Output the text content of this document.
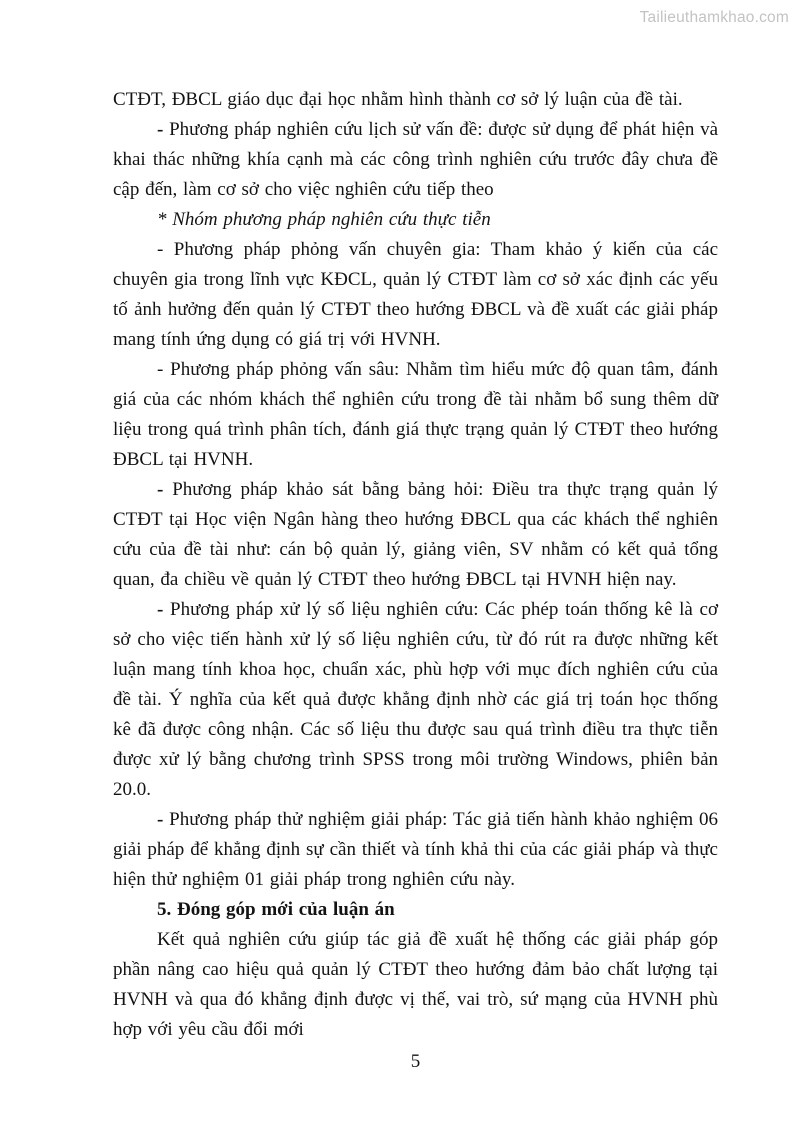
Tailieuthamkhao.com

CTĐT, ĐBCL giáo dục đại học nhằm hình thành cơ sở lý luận của đề tài.

- Phương pháp nghiên cứu lịch sử vấn đề: được sử dụng để phát hiện và khai thác những khía cạnh mà các công trình nghiên cứu trước đây chưa đề cập đến, làm cơ sở cho việc nghiên cứu tiếp theo

* Nhóm phương pháp nghiên cứu thực tiễn

- Phương pháp phỏng vấn chuyên gia: Tham khảo ý kiến của các chuyên gia trong lĩnh vực KĐCL, quản lý CTĐT làm cơ sở xác định các yếu tố ảnh hưởng đến quản lý CTĐT theo hướng ĐBCL và đề xuất các giải pháp mang tính ứng dụng có giá trị với HVNH.

- Phương pháp phỏng vấn sâu: Nhằm tìm hiểu mức độ quan tâm, đánh giá của các nhóm khách thể nghiên cứu trong đề tài nhằm bổ sung thêm dữ liệu trong quá trình phân tích, đánh giá thực trạng quản lý CTĐT theo hướng ĐBCL tại HVNH.

- Phương pháp khảo sát bằng bảng hỏi: Điều tra thực trạng quản lý CTĐT tại Học viện Ngân hàng theo hướng ĐBCL qua các khách thể nghiên cứu của đề tài như: cán bộ quản lý, giảng viên, SV nhằm có kết quả tổng quan, đa chiều về quản lý CTĐT theo hướng ĐBCL tại HVNH hiện nay.

- Phương pháp xử lý số liệu nghiên cứu: Các phép toán thống kê là cơ sở cho việc tiến hành xử lý số liệu nghiên cứu, từ đó rút ra được những kết luận mang tính khoa học, chuẩn xác, phù hợp với mục đích nghiên cứu của đề tài. Ý nghĩa của kết quả được khẳng định nhờ các giá trị toán học thống kê đã được công nhận. Các số liệu thu được sau quá trình điều tra thực tiễn được xử lý bằng chương trình SPSS trong môi trường Windows, phiên bản 20.0.

- Phương pháp thử nghiệm giải pháp: Tác giả tiến hành khảo nghiệm 06 giải pháp để khẳng định sự cần thiết và tính khả thi của các giải pháp và thực hiện thử nghiệm 01 giải pháp trong nghiên cứu này.

5. Đóng góp mới của luận án

Kết quả nghiên cứu giúp tác giả đề xuất hệ thống các giải pháp góp phần nâng cao hiệu quả quản lý CTĐT theo hướng đảm bảo chất lượng tại HVNH và qua đó khẳng định được vị thế, vai trò, sứ mạng của HVNH phù hợp với yêu cầu đổi mới

5
